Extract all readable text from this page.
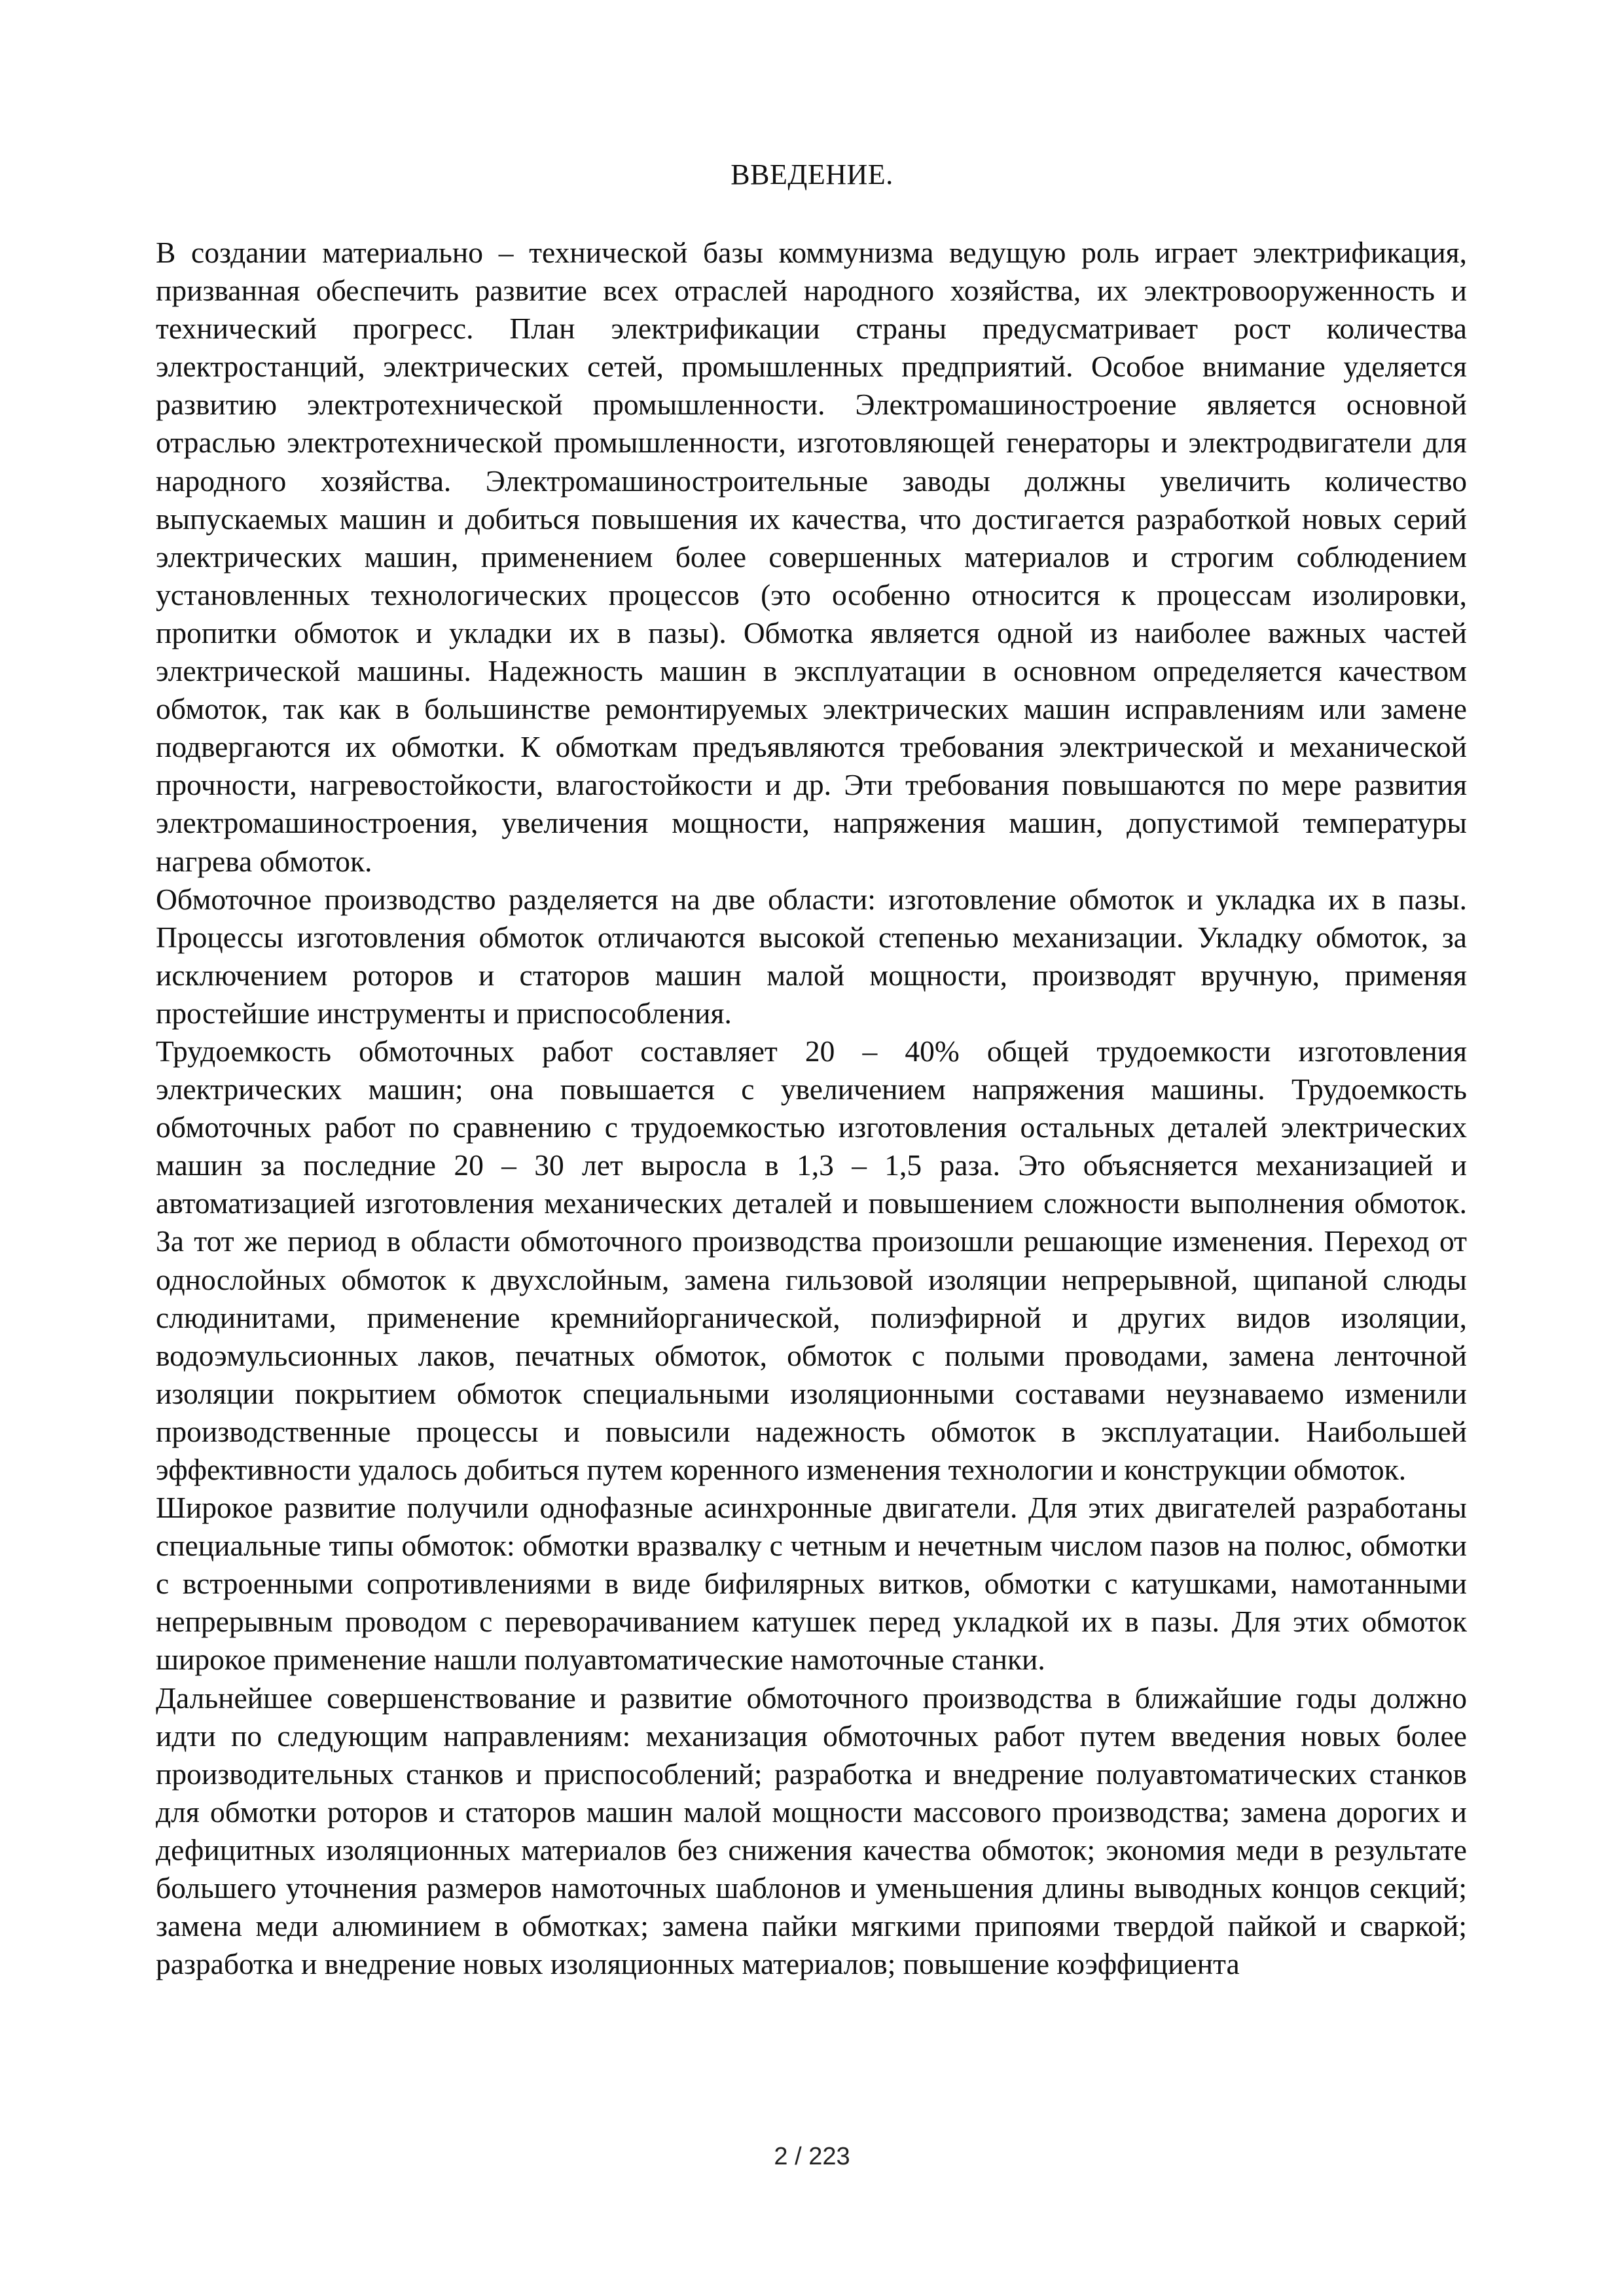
ВВЕДЕНИЕ.

В создании материально – технической базы коммунизма ведущую роль играет электрификация, призванная обеспечить развитие всех отраслей народного хозяйства, их электровооруженность и технический прогресс. План электрификации страны предусматривает рост количества электростанций, электрических сетей, промышленных предприятий. Особое внимание уделяется развитию электротехнической промышленности. Электромашиностроение является основной отраслью электротехнической промышленности, изготовляющей генераторы и электродвигатели для народного хозяйства. Электромашиностроительные заводы должны увеличить количество выпускаемых машин и добиться повышения их качества, что достигается разработкой новых серий электрических машин, применением более совершенных материалов и строгим соблюдением установленных технологических процессов (это особенно относится к процессам изолировки, пропитки обмоток и укладки их в пазы). Обмотка является одной из наиболее важных частей электрической машины. Надежность машин в эксплуатации в основном определяется качеством обмоток, так как в большинстве ремонтируемых электрических машин исправлениям или замене подвергаются их обмотки. К обмоткам предъявляются требования электрической и механической прочности, нагревостойкости, влагостойкости и др. Эти требования повышаются по мере развития электромашиностроения, увеличения мощности, напряжения машин, допустимой температуры нагрева обмоток.

Обмоточное производство разделяется на две области: изготовление обмоток и укладка их в пазы. Процессы изготовления обмоток отличаются высокой степенью механизации. Укладку обмоток, за исключением роторов и статоров машин малой мощности, производят вручную, применяя простейшие инструменты и приспособления.

Трудоемкость обмоточных работ составляет 20 – 40% общей трудоемкости изготовления электрических машин; она повышается с увеличением напряжения машины. Трудоемкость обмоточных работ по сравнению с трудоемкостью изготовления остальных деталей электрических машин за последние 20 – 30 лет выросла в 1,3 – 1,5 раза. Это объясняется механизацией и автоматизацией изготовления механических деталей и повышением сложности выполнения обмоток. За тот же период в области обмоточного производства произошли решающие изменения. Переход от однослойных обмоток к двухслойным, замена гильзовой изоляции непрерывной, щипаной слюды слюдинитами, применение кремнийорганической, полиэфирной и других видов изоляции, водоэмульсионных лаков, печатных обмоток, обмоток с полыми проводами, замена ленточной изоляции покрытием обмоток специальными изоляционными составами неузнаваемо изменили производственные процессы и повысили надежность обмоток в эксплуатации. Наибольшей эффективности удалось добиться путем коренного изменения технологии и конструкции обмоток.

Широкое развитие получили однофазные асинхронные двигатели. Для этих двигателей разработаны специальные типы обмоток: обмотки вразвалку с четным и нечетным числом пазов на полюс, обмотки с встроенными сопротивлениями в виде бифилярных витков, обмотки с катушками, намотанными непрерывным проводом с переворачиванием катушек перед укладкой их в пазы. Для этих обмоток широкое применение нашли полуавтоматические намоточные станки.

Дальнейшее совершенствование и развитие обмоточного производства в ближайшие годы должно идти по следующим направлениям: механизация обмоточных работ путем введения новых более производительных станков и приспособлений; разработка и внедрение полуавтоматических станков для обмотки роторов и статоров машин малой мощности массового производства; замена дорогих и дефицитных изоляционных материалов без снижения качества обмоток; экономия меди в результате большего уточнения размеров намоточных шаблонов и уменьшения длины выводных концов секций; замена меди алюминием в обмотках; замена пайки мягкими припоями твердой пайкой и сваркой; разработка и внедрение новых изоляционных материалов; повышение коэффициента

2 / 223
